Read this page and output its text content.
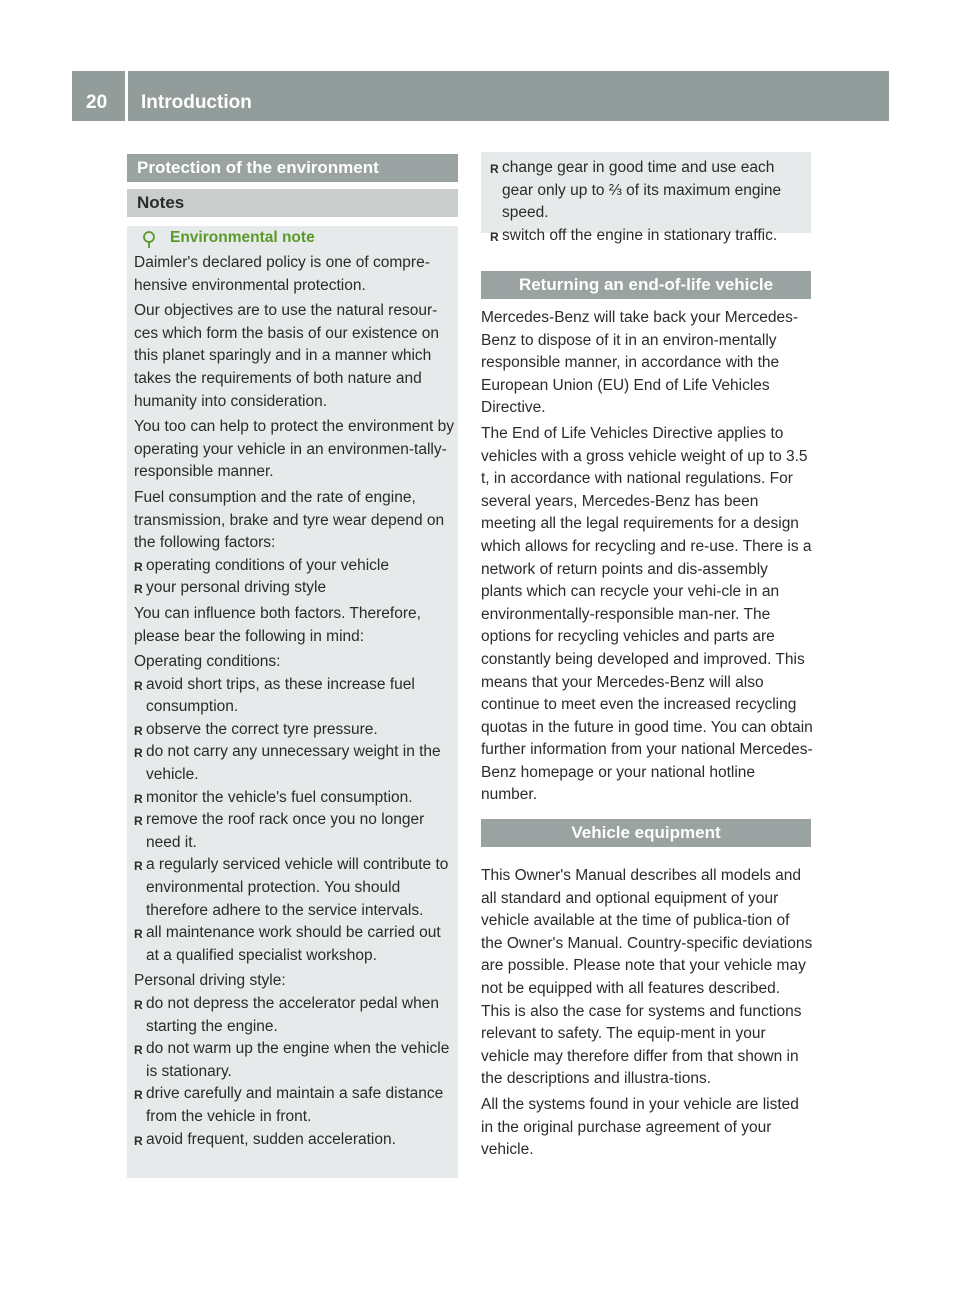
20 Introduction
Protection of the environment
Notes
Environmental note

Daimler's declared policy is one of compre-hensive environmental protection.

Our objectives are to use the natural resour-ces which form the basis of our existence on this planet sparingly and in a manner which takes the requirements of both nature and humanity into consideration.

You too can help to protect the environment by operating your vehicle in an environmen-tally-responsible manner.

Fuel consumption and the rate of engine, transmission, brake and tyre wear depend on the following factors:

R operating conditions of your vehicle

R your personal driving style

You can influence both factors. Therefore, please bear the following in mind:

Operating conditions:

R avoid short trips, as these increase fuel consumption.

R observe the correct tyre pressure.

R do not carry any unnecessary weight in the vehicle.

R monitor the vehicle's fuel consumption.

R remove the roof rack once you no longer need it.

R a regularly serviced vehicle will contribute to environmental protection. You should therefore adhere to the service intervals.

R all maintenance work should be carried out at a qualified specialist workshop.

Personal driving style:

R do not depress the accelerator pedal when starting the engine.

R do not warm up the engine when the vehicle is stationary.

R drive carefully and maintain a safe distance from the vehicle in front.

R avoid frequent, sudden acceleration.

R change gear in good time and use each gear only up to ⅔ of its maximum engine speed.

R switch off the engine in stationary traffic.

Returning an end-of-life vehicle

Mercedes-Benz will take back your Mercedes-Benz to dispose of it in an environ-mentally responsible manner, in accordance with the European Union (EU) End of Life Vehicles Directive.

The End of Life Vehicles Directive applies to vehicles with a gross vehicle weight of up to 3.5 t, in accordance with national regulations. For several years, Mercedes-Benz has been meeting all the legal requirements for a design which allows for recycling and re-use. There is a network of return points and dis-assembly plants which can recycle your vehi-cle in an environmentally-responsible man-ner. The options for recycling vehicles and parts are constantly being developed and improved. This means that your Mercedes-Benz will also continue to meet even the increased recycling quotas in the future in good time. You can obtain further information from your national Mercedes-Benz homepage or your national hotline number.

Vehicle equipment

This Owner's Manual describes all models and all standard and optional equipment of your vehicle available at the time of publica-tion of the Owner's Manual. Country-specific deviations are possible. Please note that your vehicle may not be equipped with all features described. This is also the case for systems and functions relevant to safety. The equip-ment in your vehicle may therefore differ from that shown in the descriptions and illustra-tions.

All the systems found in your vehicle are listed in the original purchase agreement of your vehicle.
